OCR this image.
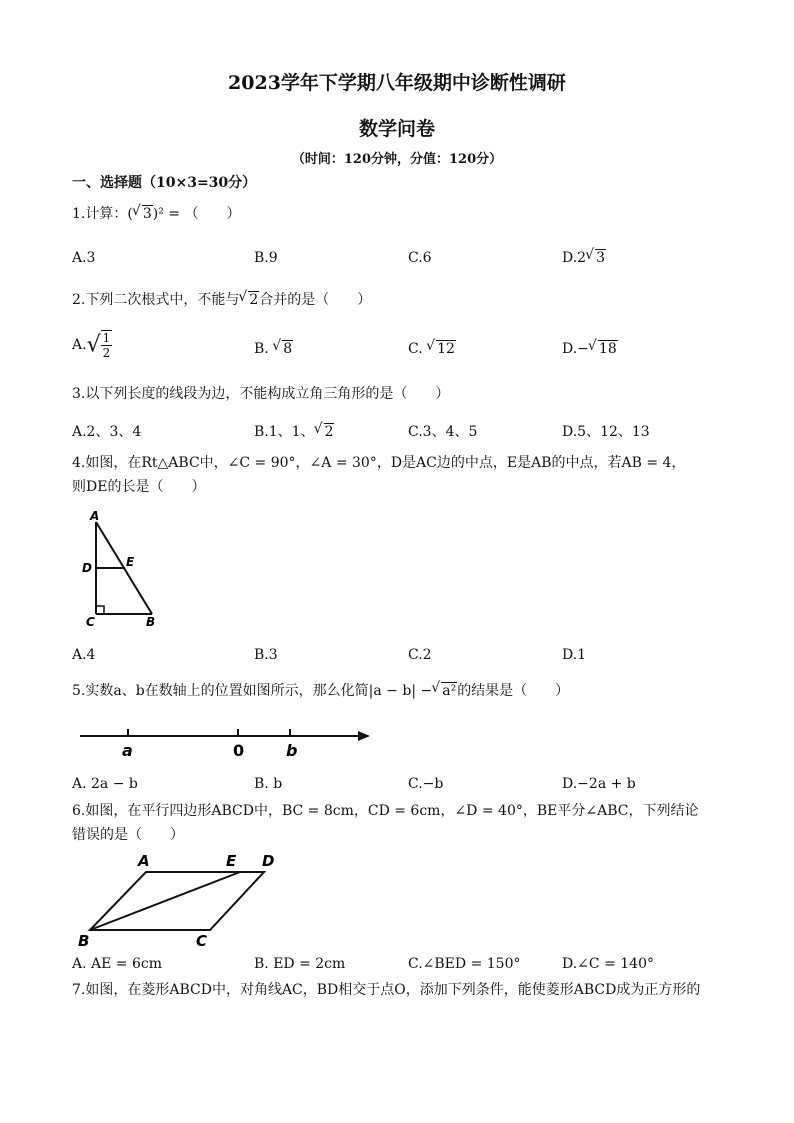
2023学年下学期八年级期中诊断性调研
数学问卷
（时间：120分钟，分值：120分）
一、选择题（10×3=30分）
1.计算：( √ 3)² = （　　）
A.3	B.9	C.6	D.2 √ 3
2.下列二次根式中，不能与 √ 2合并的是（　　）
$A.√ \frac{1}{2}$	B. √ 8	C. √ 12	D.− √ 18
3.以下列长度的线段为边，不能构成立角三角形的是（　　）
A.2、3、4	B.1、1、 √ 2	C.3、4、5	D.5、12、13
4.如图，在Rt△ABC中，∠C = 90°，∠A = 30°，D是AC边的中点，E是AB的中点，若AB = 4，
则DE的长是（　　）
A
D	E
C	B
A.4	B.3	C.2	D.1
5.实数a、b在数轴上的位置如图所示，那么化简|a − b| − √ a²的结果是（　　）
a	0	b
A. 2a − b	B. b	C.−b	D.−2a + b
6.如图，在平行四边形ABCD中，BC = 8cm，CD = 6cm，∠D = 40°，BE平分∠ABC，下列结论
错误的是（　　）
A	E D
B	C
A. AE = 6cm	B. ED = 2cm	C.∠BED = 150°	D.∠C = 140°
7.如图，在菱形ABCD中，对角线AC，BD相交于点O，添加下列条件，能使菱形ABCD成为正方形的
